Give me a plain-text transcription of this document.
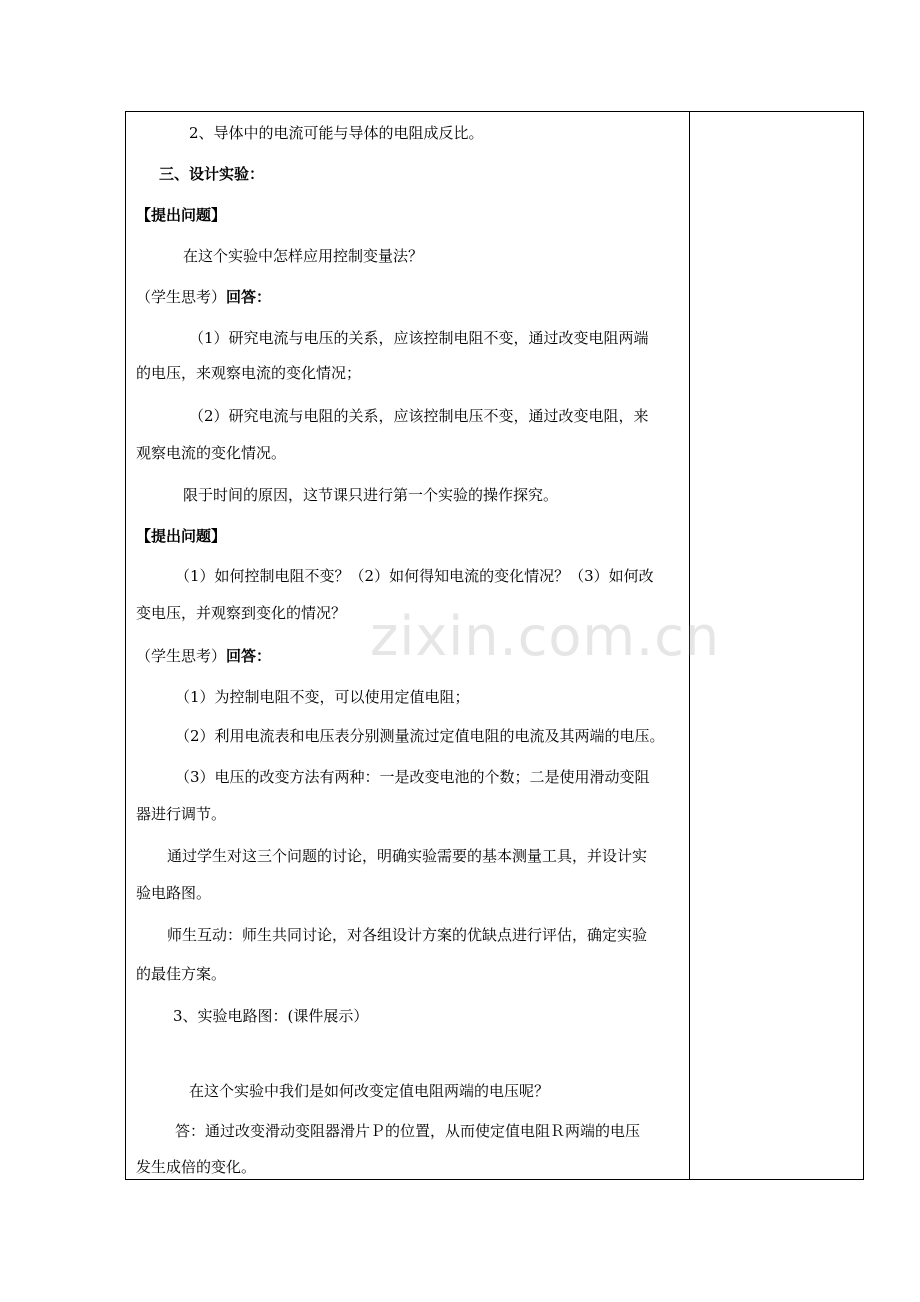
2、导体中的电流可能与导体的电阻成反比。
三、设计实验：
【提出问题】
在这个实验中怎样应用控制变量法？
（学生思考）回答：
（1）研究电流与电压的关系，应该控制电阻不变，通过改变电阻两端
的电压，来观察电流的变化情况；
（2）研究电流与电阻的关系，应该控制电压不变，通过改变电阻，来
观察电流的变化情况。
限于时间的原因，这节课只进行第一个实验的操作探究。
【提出问题】
（1）如何控制电阻不变？（2）如何得知电流的变化情况？（3）如何改
变电压，并观察到变化的情况？
（学生思考）回答：
（1）为控制电阻不变，可以使用定值电阻；
（2）利用电流表和电压表分别测量流过定值电阻的电流及其两端的电压。
（3）电压的改变方法有两种：一是改变电池的个数；二是使用滑动变阻
器进行调节。
通过学生对这三个问题的讨论，明确实验需要的基本测量工具，并设计实
验电路图。
师生互动：师生共同讨论，对各组设计方案的优缺点进行评估，确定实验
的最佳方案。
3、实验电路图：(课件展示）
在这个实验中我们是如何改变定值电阻两端的电压呢？
答：通过改变滑动变阻器滑片Ｐ的位置，从而使定值电阻Ｒ两端的电压
发生成倍的变化。
zixin.com.cn
